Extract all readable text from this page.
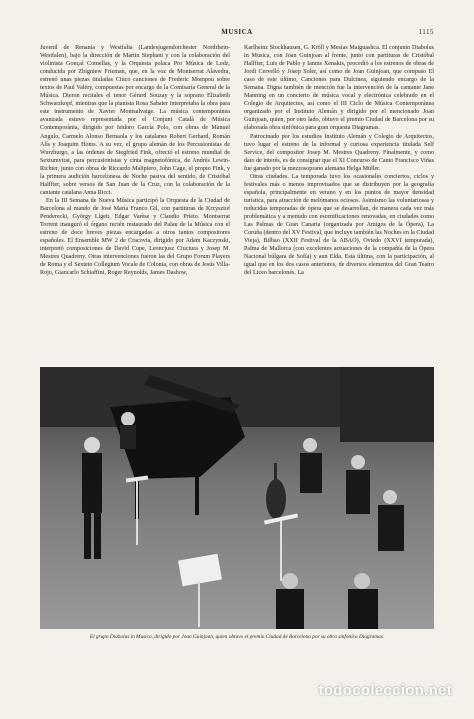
MUSICA	1115

Juvenil de Renania y Westfalia (Landesjugendorchester Nordrhein-Westfalen), bajo la dirección de Martin Stephani y con la colaboración del violinista Gonçal Comellas, y la Orquesta polaca Pro Música de Lodz, conducida por Zbigniew Frieman, que, en la voz de Montserrat Alavedra, estrenó unas piezas tituladas Cinco canciones de Frederic Mompou sobre textos de Paul Valéry, compuestas por encargo de la Comisaría General de la Música. Dieron recitales el tenor Gérard Souzay y la soprano Elizabeth Schwarzkopf, mientras que la pianista Rosa Sabater interpretaba la obra para este instrumento de Xavier Montsalvatge. La música contemporánea avanzada estuvo representada por el Conjunt Català de Música Contemporània, dirigido por Isidoro García Polo, con obras de Manuel Angulo, Carmelo Alonso Bernaola y los catalanes Robert Gerhard, Román Alís y Joaquim Homs. A su vez, el grupo alemán de los Percusionistas de Wurzburgo, a las órdenes de Siegfried Fink, ofreció el estreno mundial de Sextumvirat, para percusionistas y cinta magnetofónica, de Andrés Lewin-Richter, junto con obras de Riccardo Malipiero, John Cage, el propio Fink, y la primera audición barcelonesa de Noche pasiva del sentido, de Cristóbal Halffter, sobre versos de San Juan de la Cruz, con la colaboración de la cantante catalana Anna Ricci.

En la III Semana de Nueva Música participó la Orquesta de la Ciudad de Barcelona al mando de José María Franco Gil, con partituras de Krzysztof Penderecki, György Ligeti, Edgar Varèse y Claudio Prieto. Montserrat Torrent inauguró el órgano recién restaurado del Palau de la Música con el estreno de doce breves piezas encargadas a otros tantos compositores españoles. El Ensemble MW 2 de Cracovia, dirigido por Adam Kaczynski, interpretó composiciones de David Cope, Leoncjusz Ciuciura y Josep M. Mestres Quadreny. Otras intervenciones fueron las del Grupo Forum Players de Roma y el Sexteto Collegium Vocale de Colonia, con obras de Jesús Villa-Rojo, Giancarlo Schiaffini, Roger Reynolds, James Dashow,

Karlheinz Stockhausen, G. Kröll y Mesias Maiguashca. El conjunto Diabolus in Musica, con Joan Guinjoan al frente, junto con partituras de Cristóbal Halffter, Luis de Pablo y Iannis Xenakis, procedió a los estrenos de obras de Jordi Cervelló y Josep Soler, así como de Joan Guinjoan, que compuso El caso de este último, Canciones para Dulcinea, siguiendo encargo de la Semana. Digna también de mención fue la intervención de la cantante Jane Manning en un concierto de música vocal y electrónica celebrado en el Colegio de Arquitectos, así como el III Ciclo de Música Contemporánea organizado por el Instituto Alemán y dirigido por el mencionado Joan Guinjoan, quien, por otro lado, obtuvo el premio Ciudad de Barcelona por su elaborada obra sinfónica para gran orquesta Diagramas.

Patrocinado por los estudios Instituto Alemán y Colegio de Arquitectos, tuvo lugar el estreno de la informal y curiosa experiencia titulada Self Service, del compositor Josep M. Mestres Quadreny. Finalmente, y como dato de interés, es de consignar que el XI Concurso de Canto Francisco Viñas fue ganado por la mezzosoprano alemana Helga Müller.

Otras ciudades. La temporada tuvo los ocasionales conciertos, ciclos y festivales más o menos improvisados que se distribuyen por la geografía española, principalmente en verano y en los puntos de mayor densidad turística, para atracción de melómanos ociosos. Asimismo las voluntariosas y reducidas temporadas de ópera que se desarrollan, de manera cada vez más problemática y a menudo con escenificaciones renovadas, en ciudades como Las Palmas de Gran Canaria (organizada por Amigos de la Ópera), La Coruña (dentro del XV Festival, que incluye también las Noches en la Ciudad Vieja), Bilbao (XXII Festival de la ABAO), Oviedo (XXVI temporada), Palma de Mallorca (con excelentes actuaciones de la compañía de la Ópera Nacional búlgara de Sofía) y aun Elda. Esta última, con la participación, al igual que en los dos casos anteriores, de diversos elementos del Gran Teatro del Liceo barcelonés. La

El grupo Diabolus in Musica, dirigido por Joan Guinjoan, quien obtuvo el premio Ciudad de Barcelona por su obra sinfónica Diagramas.
todocoleccion.net
